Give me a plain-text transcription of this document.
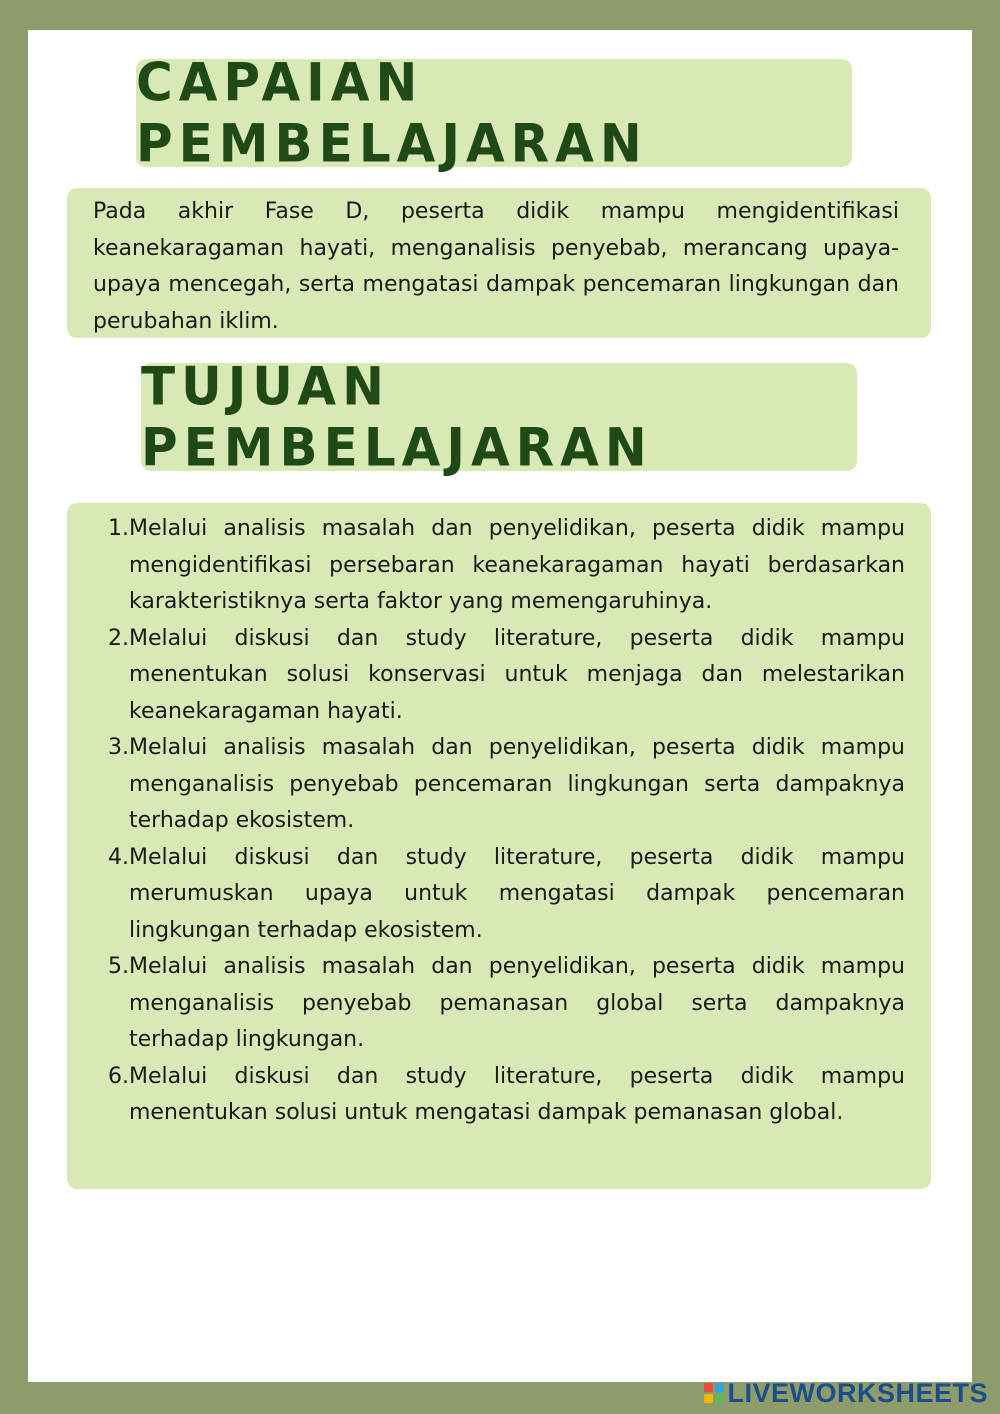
CAPAIAN PEMBELAJARAN

Pada akhir Fase D, peserta didik mampu mengidentifikasi keanekaragaman hayati, menganalisis penyebab, merancang upaya-upaya mencegah, serta mengatasi dampak pencemaran lingkungan dan perubahan iklim.

TUJUAN PEMBELAJARAN
1. Melalui analisis masalah dan penyelidikan, peserta didik mampu mengidentifikasi persebaran keanekaragaman hayati berdasarkan karakteristiknya serta faktor yang memengaruhinya.
2. Melalui diskusi dan study literature, peserta didik mampu menentukan solusi konservasi untuk menjaga dan melestarikan keanekaragaman hayati.
3. Melalui analisis masalah dan penyelidikan, peserta didik mampu menganalisis penyebab pencemaran lingkungan serta dampaknya terhadap ekosistem.
4. Melalui diskusi dan study literature, peserta didik mampu merumuskan upaya untuk mengatasi dampak pencemaran lingkungan terhadap ekosistem.
5. Melalui analisis masalah dan penyelidikan, peserta didik mampu menganalisis penyebab pemanasan global serta dampaknya terhadap lingkungan.
6. Melalui diskusi dan study literature, peserta didik mampu menentukan solusi untuk mengatasi dampak pemanasan global.
LIVEWORKSHEETS
